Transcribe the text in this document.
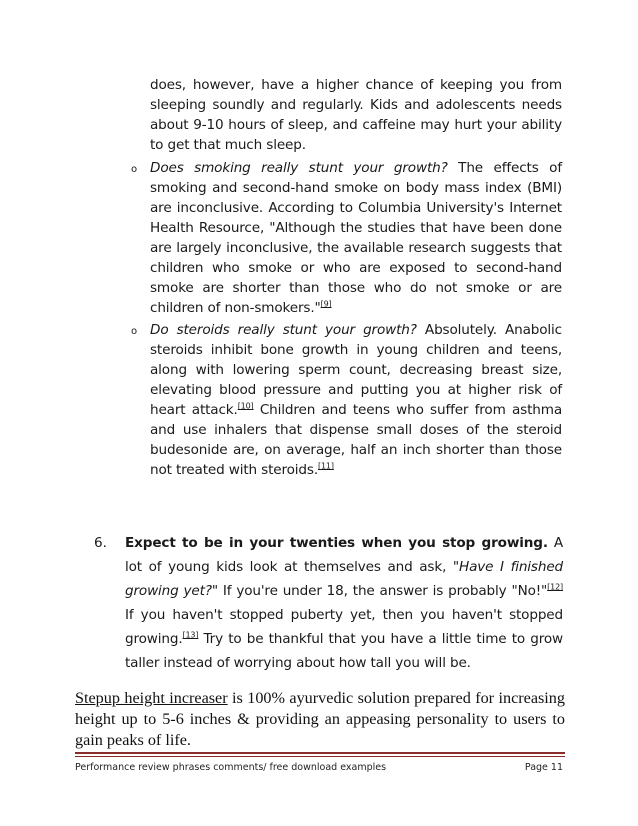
does, however, have a higher chance of keeping you from sleeping soundly and regularly. Kids and adolescents needs about 9-10 hours of sleep, and caffeine may hurt your ability to get that much sleep.
o Does smoking really stunt your growth? The effects of smoking and second-hand smoke on body mass index (BMI) are inconclusive. According to Columbia University's Internet Health Resource, "Although the studies that have been done are largely inconclusive, the available research suggests that children who smoke or who are exposed to second-hand smoke are shorter than those who do not smoke or are children of non-smokers."[9]
o Do steroids really stunt your growth? Absolutely. Anabolic steroids inhibit bone growth in young children and teens, along with lowering sperm count, decreasing breast size, elevating blood pressure and putting you at higher risk of heart attack.[10] Children and teens who suffer from asthma and use inhalers that dispense small doses of the steroid budesonide are, on average, half an inch shorter than those not treated with steroids.[11]
6. Expect to be in your twenties when you stop growing. A lot of young kids look at themselves and ask, "Have I finished growing yet?" If you're under 18, the answer is probably "No!"[12] If you haven't stopped puberty yet, then you haven't stopped growing.[13] Try to be thankful that you have a little time to grow taller instead of worrying about how tall you will be.
Stepup height increaser is 100% ayurvedic solution prepared for increasing height up to 5-6 inches & providing an appeasing personality to users to gain peaks of life.
Performance review phrases comments/ free download examples	Page 11
